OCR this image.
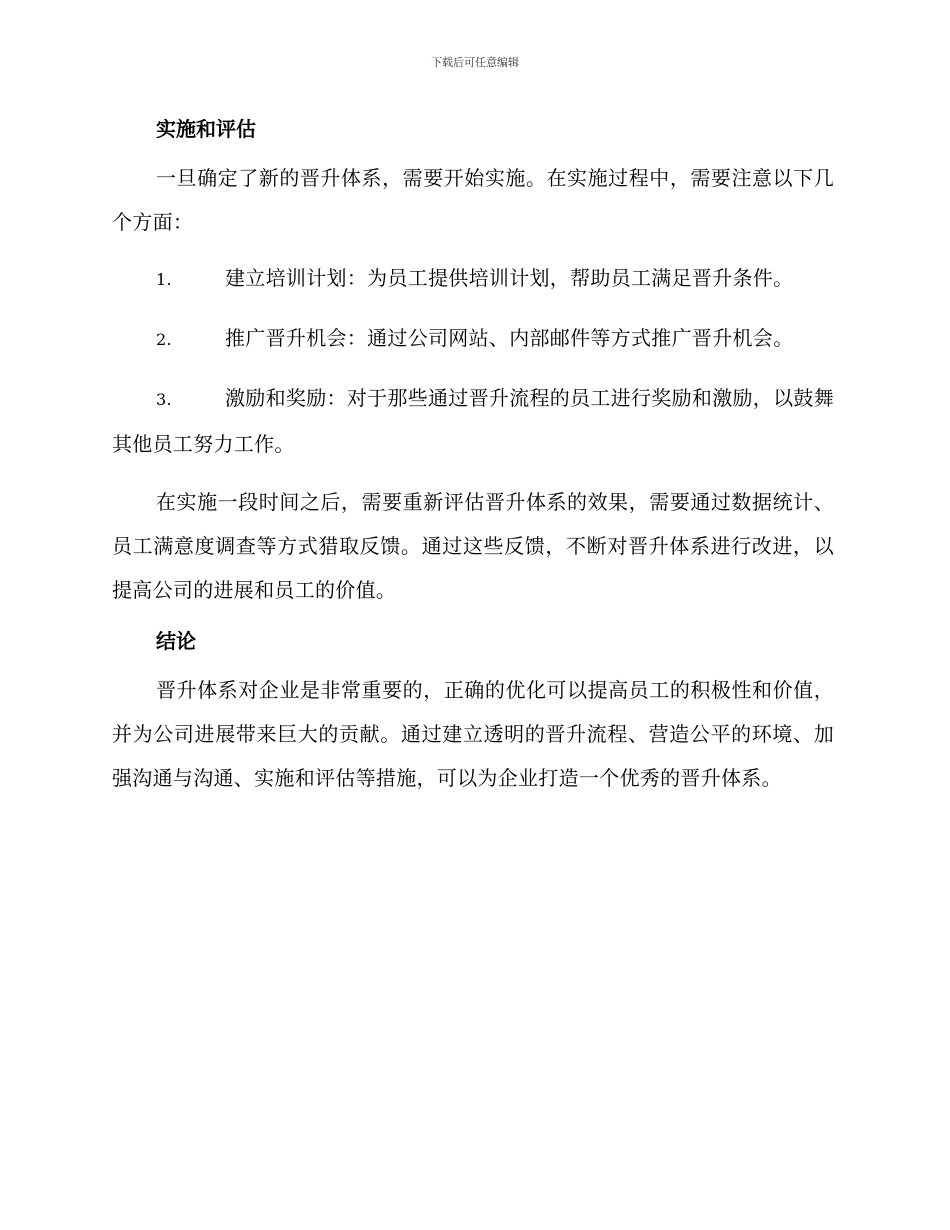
下载后可任意编辑
实施和评估

一旦确定了新的晋升体系，需要开始实施。在实施过程中，需要注意以下几个方面：

1.	建立培训计划：为员工提供培训计划，帮助员工满足晋升条件。
2.	推广晋升机会：通过公司网站、内部邮件等方式推广晋升机会。
3.	激励和奖励：对于那些通过晋升流程的员工进行奖励和激励，以鼓舞其他员工努力工作。

在实施一段时间之后，需要重新评估晋升体系的效果，需要通过数据统计、员工满意度调查等方式猎取反馈。通过这些反馈，不断对晋升体系进行改进，以提高公司的进展和员工的价值。

结论

晋升体系对企业是非常重要的，正确的优化可以提高员工的积极性和价值，并为公司进展带来巨大的贡献。通过建立透明的晋升流程、营造公平的环境、加强沟通与沟通、实施和评估等措施，可以为企业打造一个优秀的晋升体系。
